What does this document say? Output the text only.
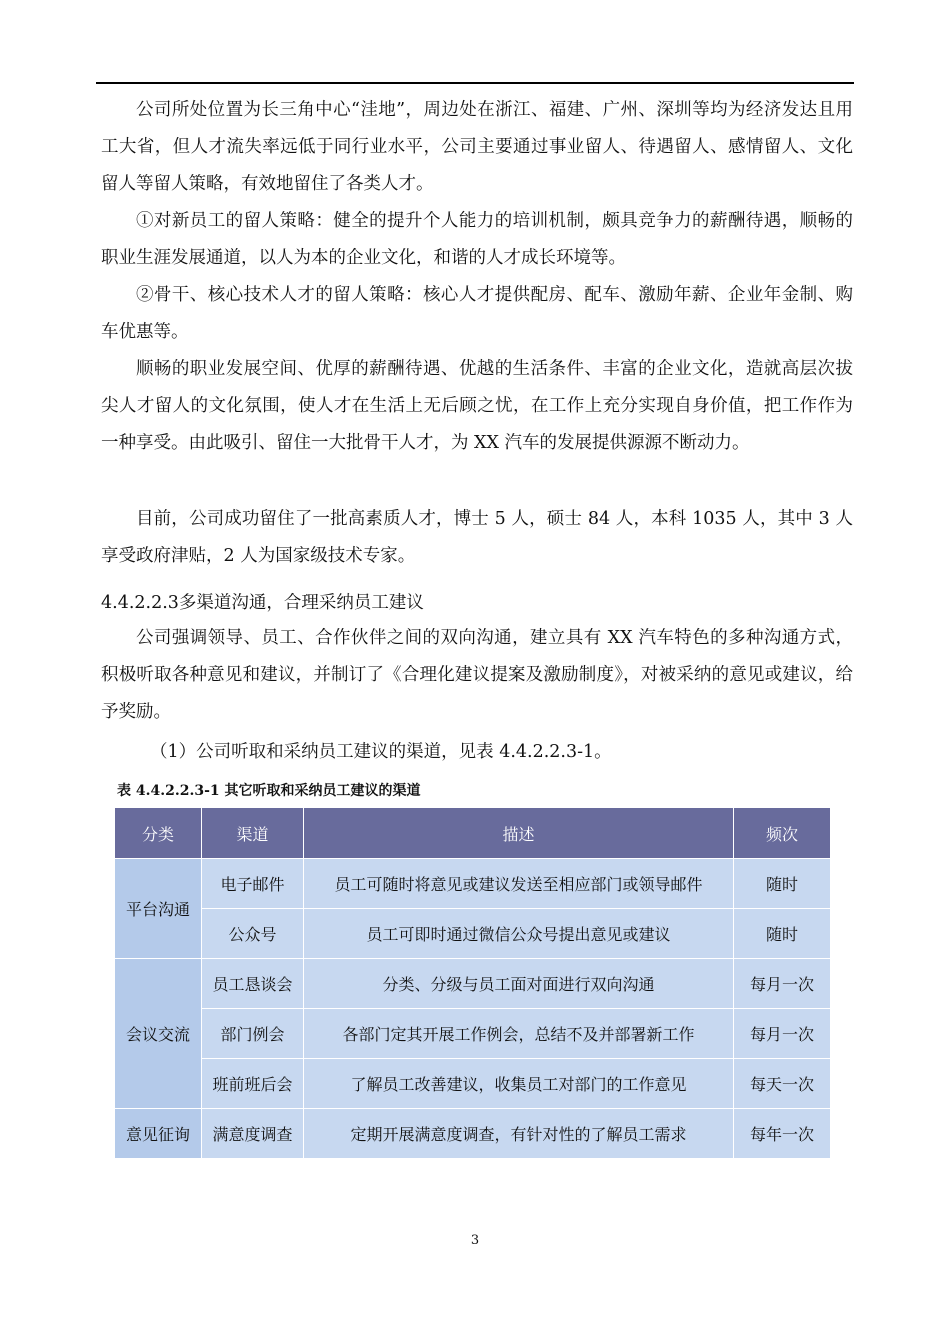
公司所处位置为长三角中心“洼地”，周边处在浙江、福建、广州、深圳等均为经济发达且用工大省，但人才流失率远低于同行业水平，公司主要通过事业留人、待遇留人、感情留人、文化留人等留人策略，有效地留住了各类人才。

①对新员工的留人策略：健全的提升个人能力的培训机制，颇具竞争力的薪酬待遇，顺畅的职业生涯发展通道，以人为本的企业文化，和谐的人才成长环境等。

②骨干、核心技术人才的留人策略：核心人才提供配房、配车、激励年薪、企业年金制、购车优惠等。

顺畅的职业发展空间、优厚的薪酬待遇、优越的生活条件、丰富的企业文化，造就高层次拔尖人才留人的文化氛围，使人才在生活上无后顾之忧，在工作上充分实现自身价值，把工作作为一种享受。由此吸引、留住一大批骨干人才，为 XX 汽车的发展提供源源不断动力。

目前，公司成功留住了一批高素质人才，博士 5 人，硕士 84 人，本科 1035 人，其中 3 人享受政府津贴，2 人为国家级技术专家。

4.4.2.2.3多渠道沟通，合理采纳员工建议

公司强调领导、员工、合作伙伴之间的双向沟通，建立具有 XX 汽车特色的多种沟通方式，积极听取各种意见和建议，并制订了《合理化建议提案及激励制度》，对被采纳的意见或建议，给予奖励。

（1）公司听取和采纳员工建议的渠道，见表 4.4.2.2.3-1。
表 4.4.2.2.3-1 其它听取和采纳员工建议的渠道
分类	渠道	描述	频次
平台沟通	电子邮件	员工可随时将意见或建议发送至相应部门或领导邮件	随时
	公众号	员工可即时通过微信公众号提出意见或建议	随时
会议交流	员工恳谈会	分类、分级与员工面对面进行双向沟通	每月一次
	部门例会	各部门定其开展工作例会，总结不及并部署新工作	每月一次
	班前班后会	了解员工改善建议，收集员工对部门的工作意见	每天一次
意见征询	满意度调查	定期开展满意度调查，有针对性的了解员工需求	每年一次
3
